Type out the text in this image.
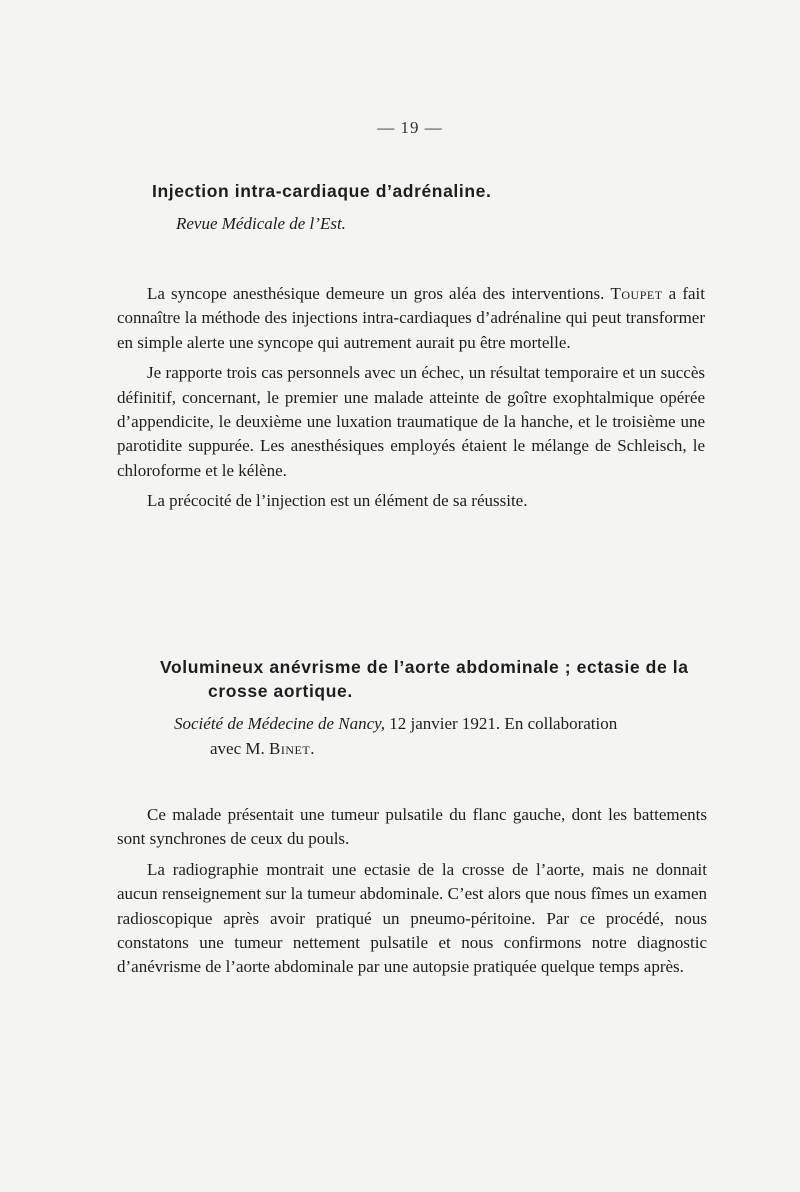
— 19 —
Injection intra-cardiaque d’adrénaline.
Revue Médicale de l’Est.

La syncope anesthésique demeure un gros aléa des interventions. Toupet a fait connaître la méthode des injections intra-cardiaques d’adrénaline qui peut transformer en simple alerte une syncope qui autrement aurait pu être mortelle.

Je rapporte trois cas personnels avec un échec, un résultat temporaire et un succès définitif, concernant, le premier une malade atteinte de goître exophtalmique opérée d’appendicite, le deuxième une luxation traumatique de la hanche, et le troisième une parotidite suppurée. Les anesthésiques employés étaient le mélange de Schleisch, le chloroforme et le kélène.

La précocité de l’injection est un élément de sa réussite.

Volumineux anévrisme de l’aorte abdominale ; ectasie de la
crosse aortique.
Société de Médecine de Nancy, 12 janvier 1921. En collaboration
avec M. Binet.

Ce malade présentait une tumeur pulsatile du flanc gauche, dont les battements sont synchrones de ceux du pouls.

La radiographie montrait une ectasie de la crosse de l’aorte, mais ne donnait aucun renseignement sur la tumeur abdominale. C’est alors que nous fîmes un examen radioscopique après avoir pratiqué un pneumo-péritoine. Par ce procédé, nous constatons une tumeur nettement pulsatile et nous confirmons notre diagnostic d’anévrisme de l’aorte abdominale par une autopsie pratiquée quelque temps après.
